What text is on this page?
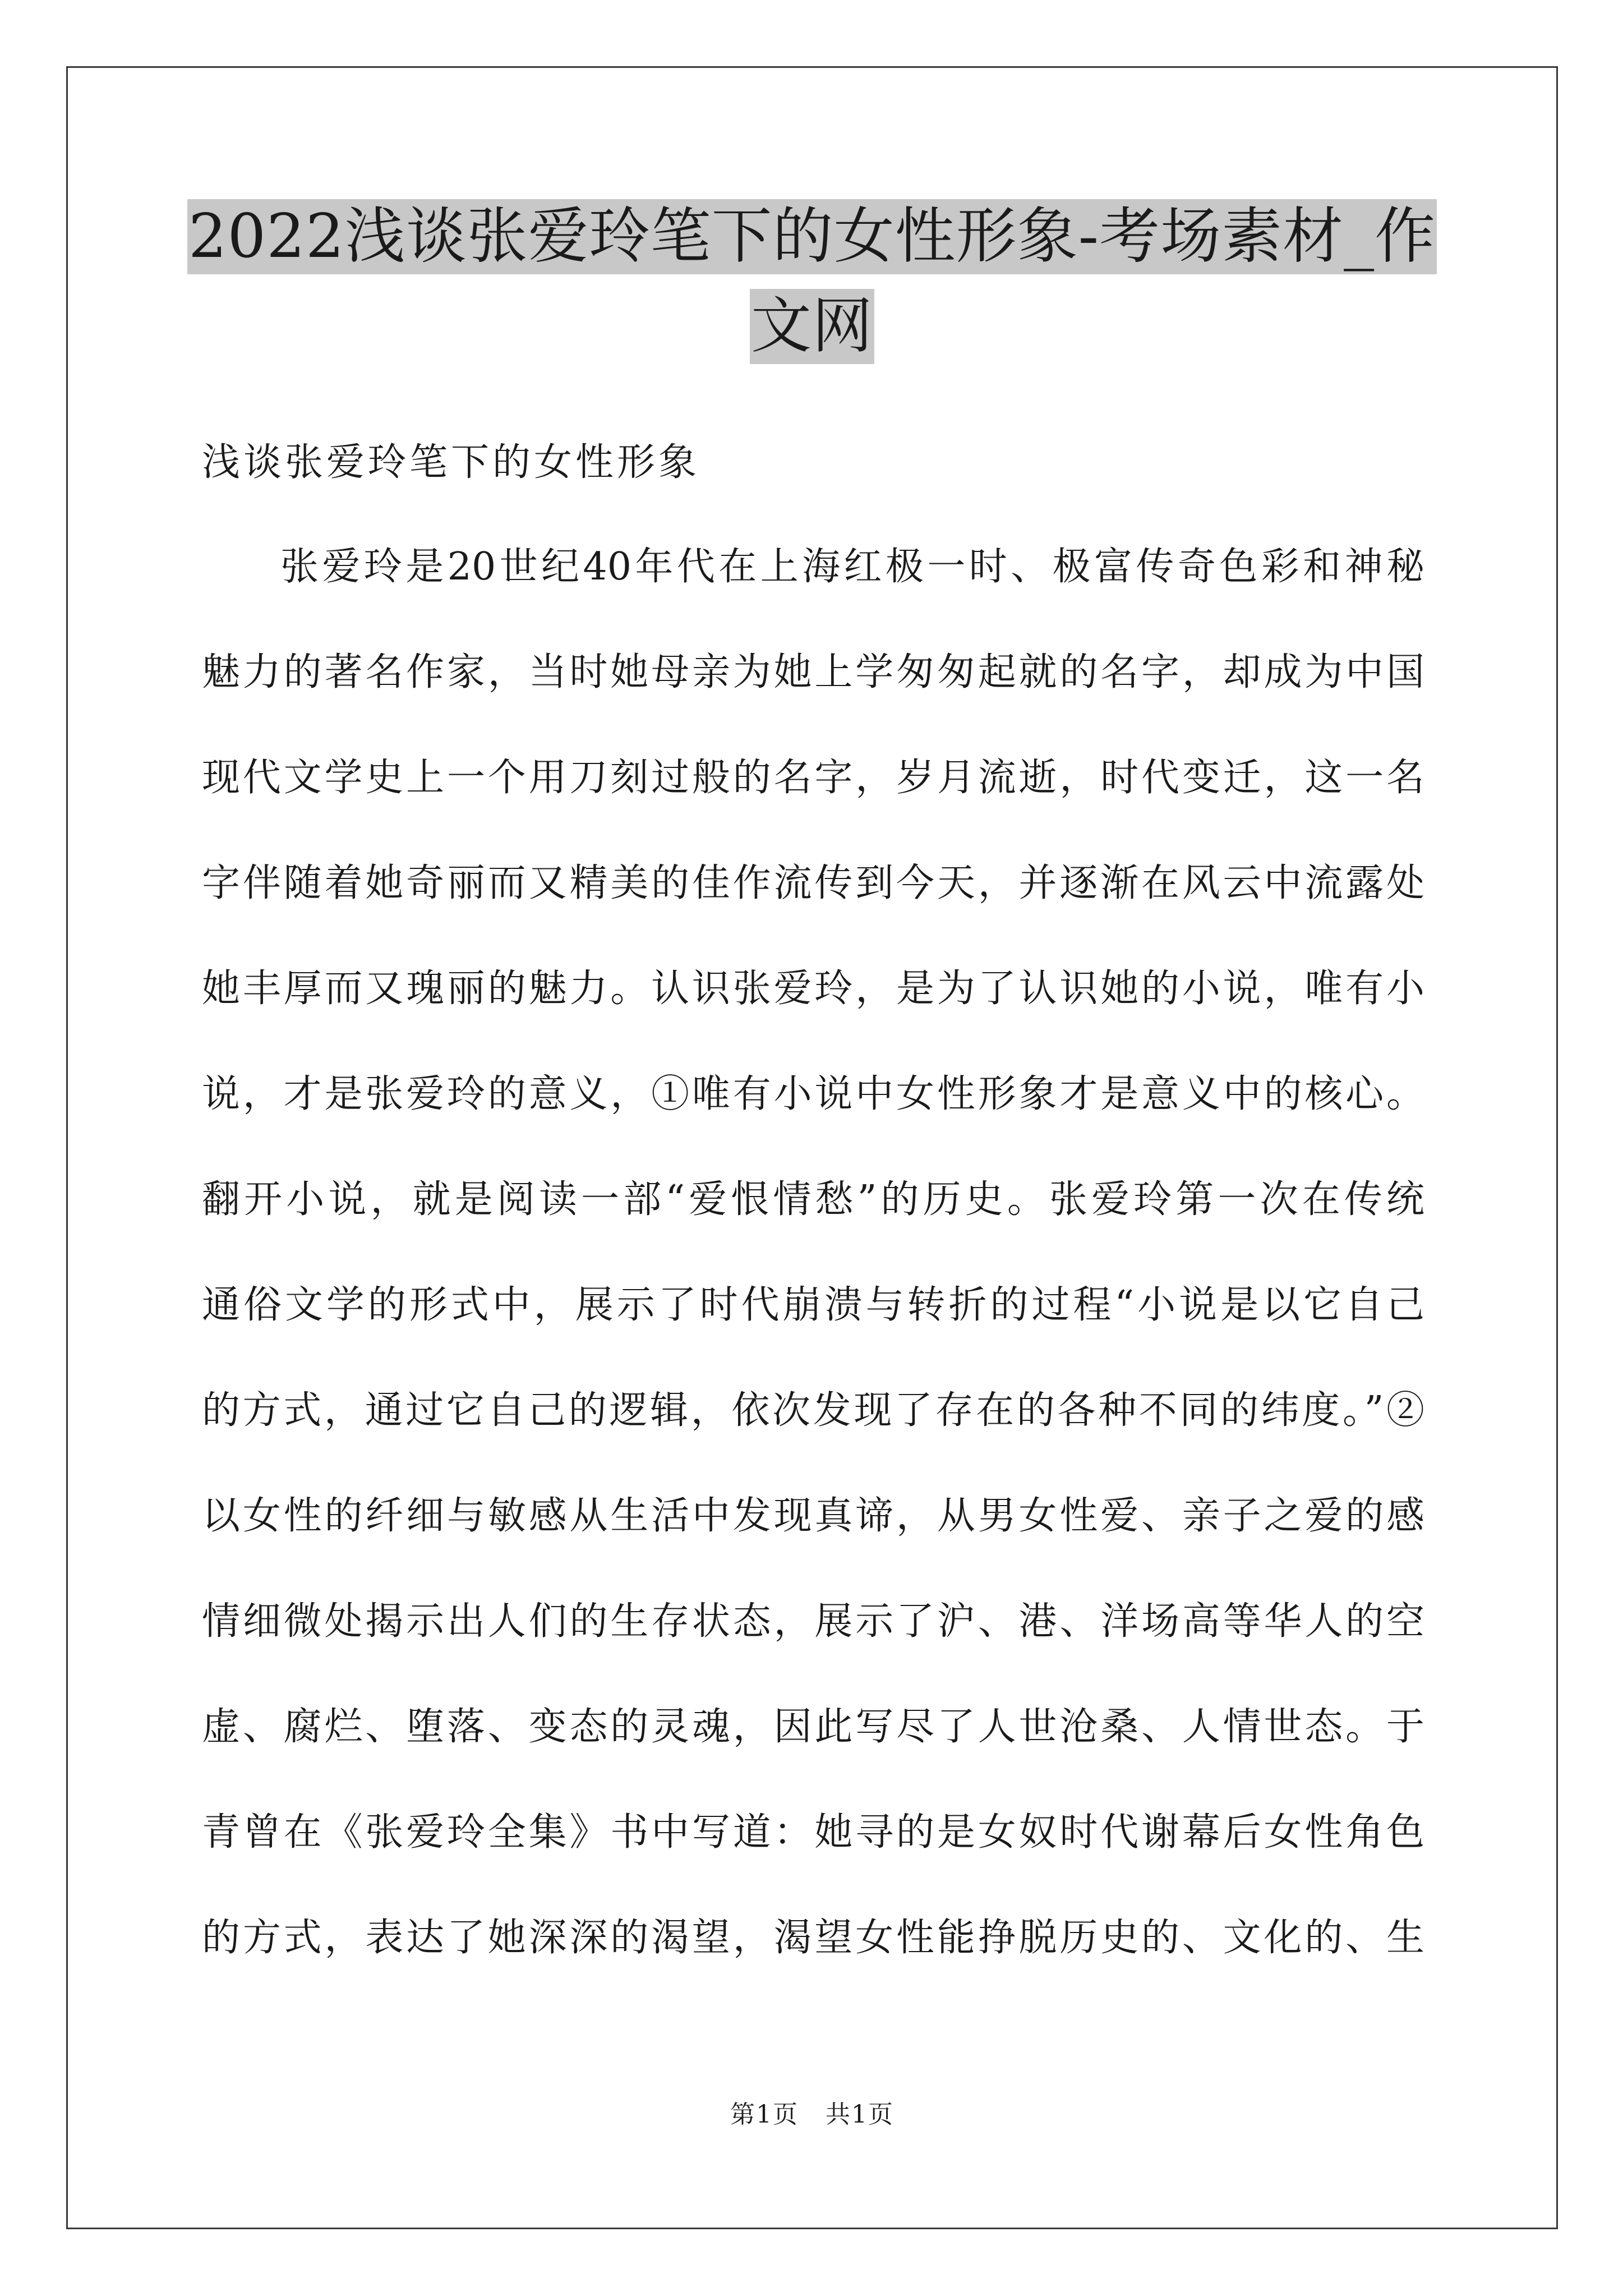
2022浅谈张爱玲笔下的女性形象-考场素材_作
文网
浅谈张爱玲笔下的女性形象
张爱玲是20世纪40年代在上海红极一时、极富传奇色彩和神秘
魅力的著名作家，当时她母亲为她上学匆匆起就的名字，却成为中国
现代文学史上一个用刀刻过般的名字，岁月流逝，时代变迁，这一名
字伴随着她奇丽而又精美的佳作流传到今天，并逐渐在风云中流露处
她丰厚而又瑰丽的魅力。认识张爱玲，是为了认识她的小说，唯有小
说，才是张爱玲的意义，①唯有小说中女性形象才是意义中的核心。
翻开小说，就是阅读一部“爱恨情愁”的历史。张爱玲第一次在传统
通俗文学的形式中，展示了时代崩溃与转折的过程“小说是以它自己
的方式，通过它自己的逻辑，依次发现了存在的各种不同的纬度。”②
以女性的纤细与敏感从生活中发现真谛，从男女性爱、亲子之爱的感
情细微处揭示出人们的生存状态，展示了沪、港、洋场高等华人的空
虚、腐烂、堕落、变态的灵魂，因此写尽了人世沧桑、人情世态。于
青曾在《张爱玲全集》书中写道：她寻的是女奴时代谢幕后女性角色
的方式，表达了她深深的渴望，渴望女性能挣脱历史的、文化的、生
第1页   共1页
